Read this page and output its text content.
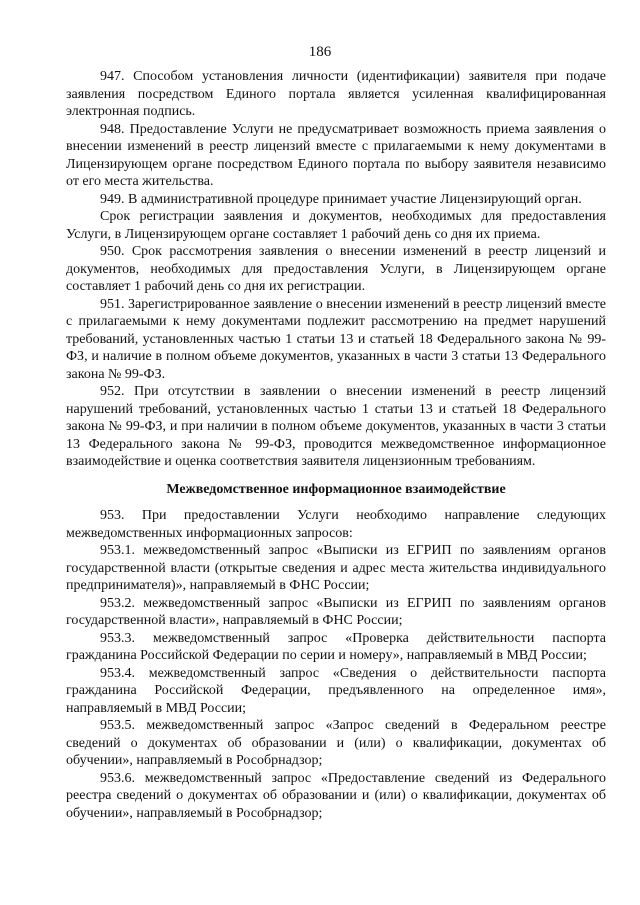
186

947. Способом установления личности (идентификации) заявителя при подаче заявления посредством Единого портала является усиленная квалифицированная электронная подпись.

948. Предоставление Услуги не предусматривает возможность приема заявления о внесении изменений в реестр лицензий вместе с прилагаемыми к нему документами в Лицензирующем органе посредством Единого портала по выбору заявителя независимо от его места жительства.

949. В административной процедуре принимает участие Лицензирующий орган.

Срок регистрации заявления и документов, необходимых для предоставления Услуги, в Лицензирующем органе составляет 1 рабочий день со дня их приема.

950. Срок рассмотрения заявления о внесении изменений в реестр лицензий и документов, необходимых для предоставления Услуги, в Лицензирующем органе составляет 1 рабочий день со дня их регистрации.

951. Зарегистрированное заявление о внесении изменений в реестр лицензий вместе с прилагаемыми к нему документами подлежит рассмотрению на предмет нарушений требований, установленных частью 1 статьи 13 и статьей 18 Федерального закона № 99-ФЗ, и наличие в полном объеме документов, указанных в части 3 статьи 13 Федерального закона № 99-ФЗ.

952. При отсутствии в заявлении о внесении изменений в реестр лицензий нарушений требований, установленных частью 1 статьи 13 и статьей 18 Федерального закона № 99-ФЗ, и при наличии в полном объеме документов, указанных в части 3 статьи 13 Федерального закона № 99-ФЗ, проводится межведомственное информационное взаимодействие и оценка соответствия заявителя лицензионным требованиям.

Межведомственное информационное взаимодействие

953. При предоставлении Услуги необходимо направление следующих межведомственных информационных запросов:

953.1. межведомственный запрос «Выписки из ЕГРИП по заявлениям органов государственной власти (открытые сведения и адрес места жительства индивидуального предпринимателя)», направляемый в ФНС России;

953.2. межведомственный запрос «Выписки из ЕГРИП по заявлениям органов государственной власти», направляемый в ФНС России;

953.3. межведомственный запрос «Проверка действительности паспорта гражданина Российской Федерации по серии и номеру», направляемый в МВД России;

953.4. межведомственный запрос «Сведения о действительности паспорта гражданина Российской Федерации, предъявленного на определенное имя», направляемый в МВД России;

953.5. межведомственный запрос «Запрос сведений в Федеральном реестре сведений о документах об образовании и (или) о квалификации, документах об обучении», направляемый в Рособрнадзор;

953.6. межведомственный запрос «Предоставление сведений из Федерального реестра сведений о документах об образовании и (или) о квалификации, документах об обучении», направляемый в Рособрнадзор;
